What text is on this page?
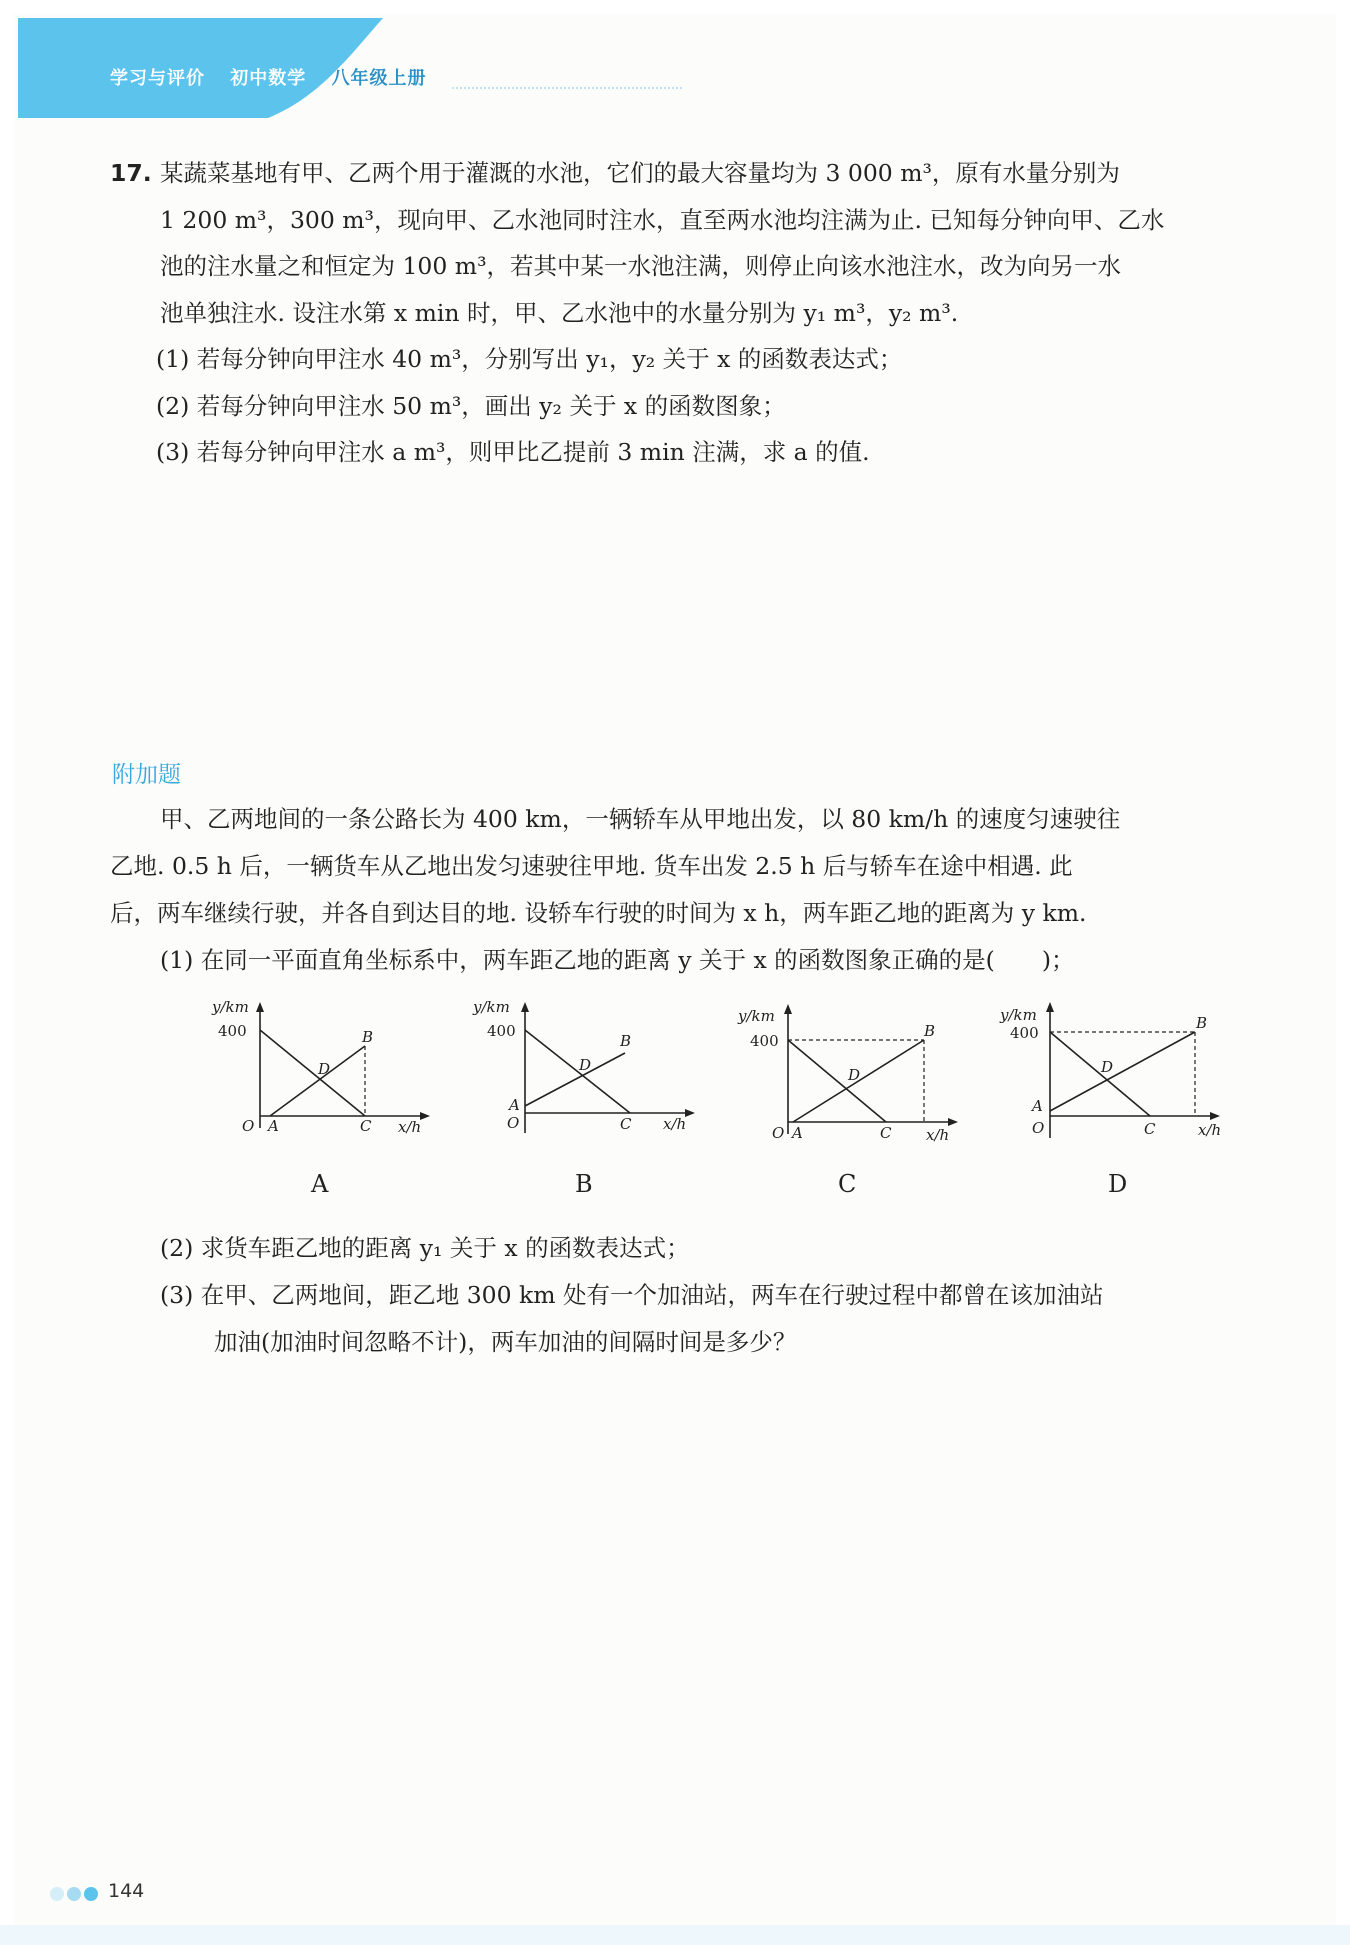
学习与评价 初中数学 八年级上册
17. 某蔬菜基地有甲、乙两个用于灌溉的水池，它们的最大容量均为 3 000 m³，原有水量分别为

1 200 m³，300 m³，现向甲、乙水池同时注水，直至两水池均注满为止. 已知每分钟向甲、乙水

池的注水量之和恒定为 100 m³，若其中某一水池注满，则停止向该水池注水，改为向另一水

池单独注水. 设注水第 x min 时，甲、乙水池中的水量分别为 y₁ m³，y₂ m³.

(1) 若每分钟向甲注水 40 m³，分别写出 y₁，y₂ 关于 x 的函数表达式；

(2) 若每分钟向甲注水 50 m³，画出 y₂ 关于 x 的函数图象；

(3) 若每分钟向甲注水 a m³，则甲比乙提前 3 min 注满，求 a 的值.

附加题

甲、乙两地间的一条公路长为 400 km，一辆轿车从甲地出发，以 80 km/h 的速度匀速驶往

乙地. 0.5 h 后，一辆货车从乙地出发匀速驶往甲地. 货车出发 2.5 h 后与轿车在途中相遇. 此

后，两车继续行驶，并各自到达目的地. 设轿车行驶的时间为 x h，两车距乙地的距离为 y km.

(1) 在同一平面直角坐标系中，两车距乙地的距离 y 关于 x 的函数图象正确的是(　　)；

y/km
400
O A	C
B
D
x/h
y/km
400
A
O	C
B
D
x/h
y/km
400
O A	C
B
D
x/h
y/km
400
A
O	C
B
D
x/h
A	B	C	D

(2) 求货车距乙地的距离 y₁ 关于 x 的函数表达式；

(3) 在甲、乙两地间，距乙地 300 km 处有一个加油站，两车在行驶过程中都曾在该加油站

加油(加油时间忽略不计)，两车加油的间隔时间是多少？

144
